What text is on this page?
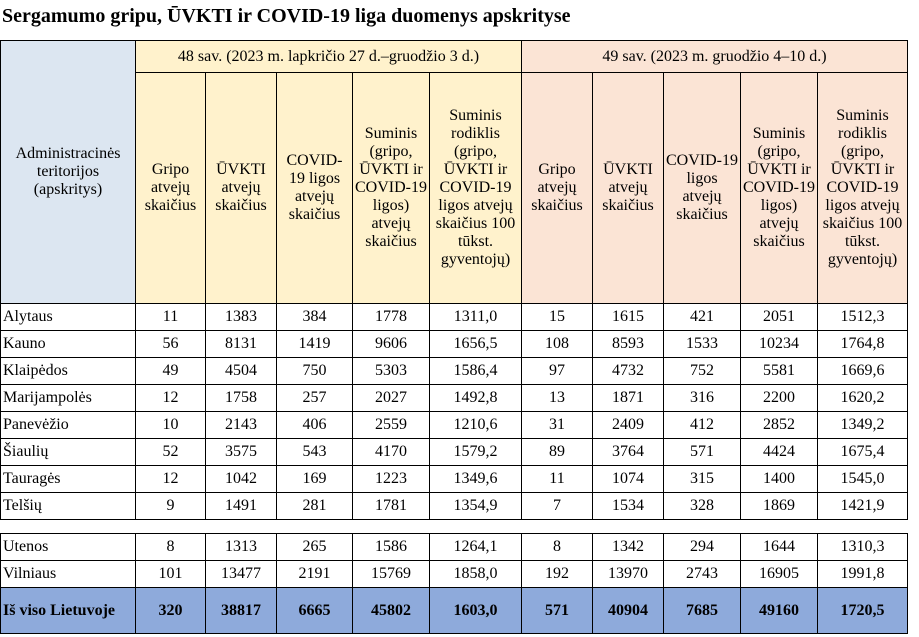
Sergamumo gripu, ŪVKTI ir COVID-19 liga duomenys apskrityse
Administracinės teritorijos (apskritys)	48 sav. (2023 m. lapkričio 27 d.–gruodžio 3 d.)					49 sav. (2023 m. gruodžio 4–10 d.)				
	Gripo atvejų skaičius	ŪVKTI atvejų skaičius	COVID-19 ligos atvejų skaičius	Suminis (gripo, ŪVKTI ir COVID-19 ligos) atvejų skaičius	Suminis rodiklis (gripo, ŪVKTI ir COVID-19 ligos atvejų skaičius 100 tūkst. gyventojų)	Gripo atvejų skaičius	ŪVKTI atvejų skaičius	COVID-19 ligos atvejų skaičius	Suminis (gripo, ŪVKTI ir COVID-19 ligos) atvejų skaičius	Suminis rodiklis (gripo, ŪVKTI ir COVID-19 ligos atvejų skaičius 100 tūkst. gyventojų)
Alytaus	11	1383	384	1778	1311,0	15	1615	421	2051	1512,3
Kauno	56	8131	1419	9606	1656,5	108	8593	1533	10234	1764,8
Klaipėdos	49	4504	750	5303	1586,4	97	4732	752	5581	1669,6
Marijampolės	12	1758	257	2027	1492,8	13	1871	316	2200	1620,2
Panevėžio	10	2143	406	2559	1210,6	31	2409	412	2852	1349,2
Šiaulių	52	3575	543	4170	1579,2	89	3764	571	4424	1675,4
Tauragės	12	1042	169	1223	1349,6	11	1074	315	1400	1545,0
Telšių	9	1491	281	1781	1354,9	7	1534	328	1869	1421,9

Utenos	8	1313	265	1586	1264,1	8	1342	294	1644	1310,3
Vilniaus	101	13477	2191	15769	1858,0	192	13970	2743	16905	1991,8
Iš viso Lietuvoje	320	38817	6665	45802	1603,0	571	40904	7685	49160	1720,5
